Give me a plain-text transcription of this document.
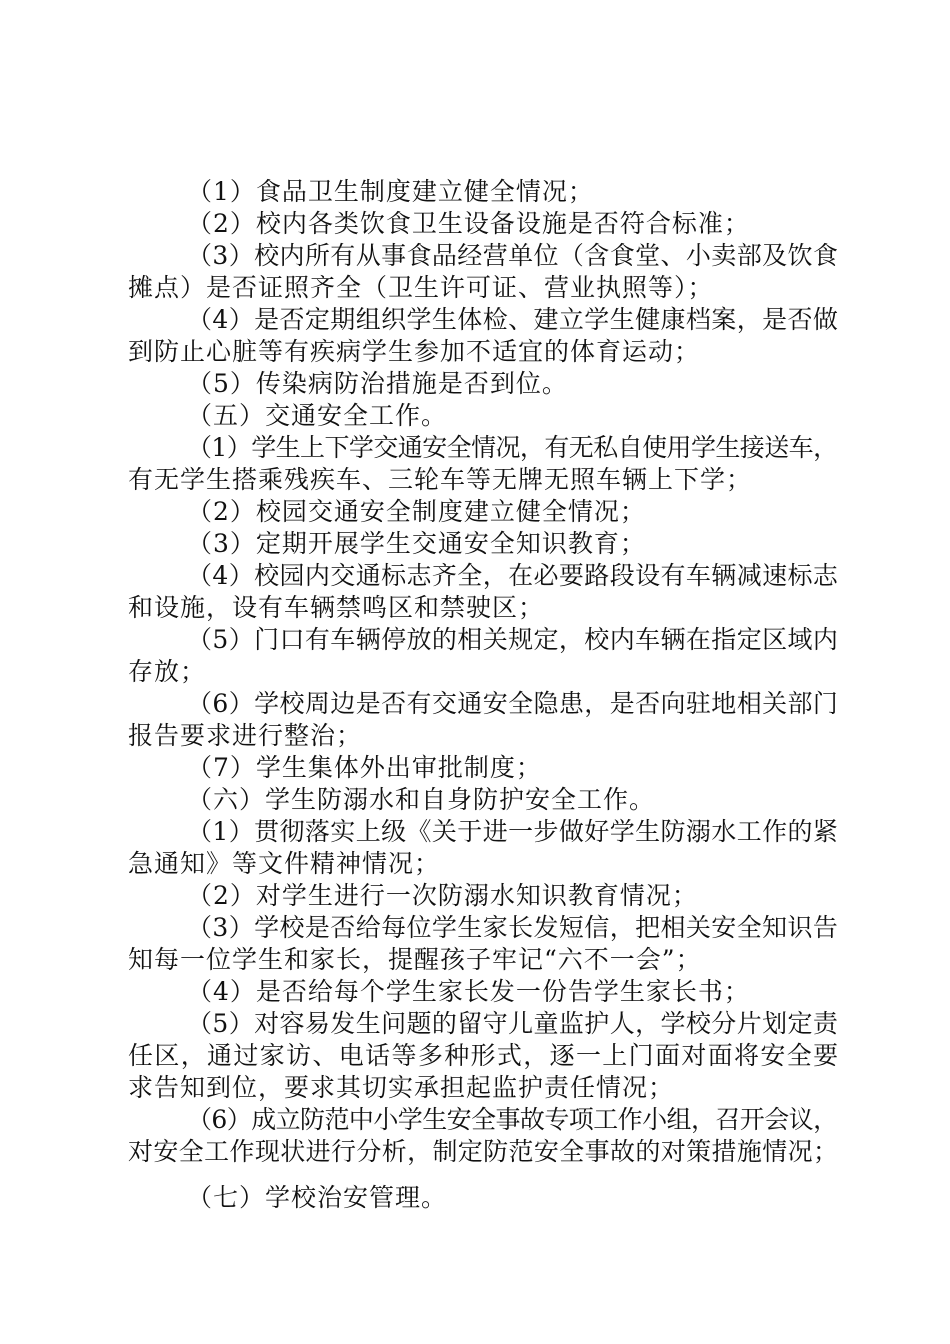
（1）食品卫生制度建立健全情况；
（2）校内各类饮食卫生设备设施是否符合标准；
（3）校内所有从事食品经营单位（含食堂、小卖部及饮食
摊点）是否证照齐全（卫生许可证、营业执照等）；
（4）是否定期组织学生体检、建立学生健康档案，是否做
到防止心脏等有疾病学生参加不适宜的体育运动；
（5）传染病防治措施是否到位。
（五）交通安全工作。
（1）学生上下学交通安全情况，有无私自使用学生接送车，
有无学生搭乘残疾车、三轮车等无牌无照车辆上下学；
（2）校园交通安全制度建立健全情况；
（3）定期开展学生交通安全知识教育；
（4）校园内交通标志齐全，在必要路段设有车辆减速标志
和设施，设有车辆禁鸣区和禁驶区；
（5）门口有车辆停放的相关规定，校内车辆在指定区域内
存放；
（6）学校周边是否有交通安全隐患，是否向驻地相关部门
报告要求进行整治；
（7）学生集体外出审批制度；
（六）学生防溺水和自身防护安全工作。
（1）贯彻落实上级《关于进一步做好学生防溺水工作的紧
急通知》等文件精神情况；
（2）对学生进行一次防溺水知识教育情况；
（3）学校是否给每位学生家长发短信，把相关安全知识告
知每一位学生和家长，提醒孩子牢记“六不一会”；
（4）是否给每个学生家长发一份告学生家长书；
（5）对容易发生问题的留守儿童监护人，学校分片划定责
任区，通过家访、电话等多种形式，逐一上门面对面将安全要
求告知到位，要求其切实承担起监护责任情况；
（6）成立防范中小学生安全事故专项工作小组，召开会议，
对安全工作现状进行分析，制定防范安全事故的对策措施情况；
（七）学校治安管理。
